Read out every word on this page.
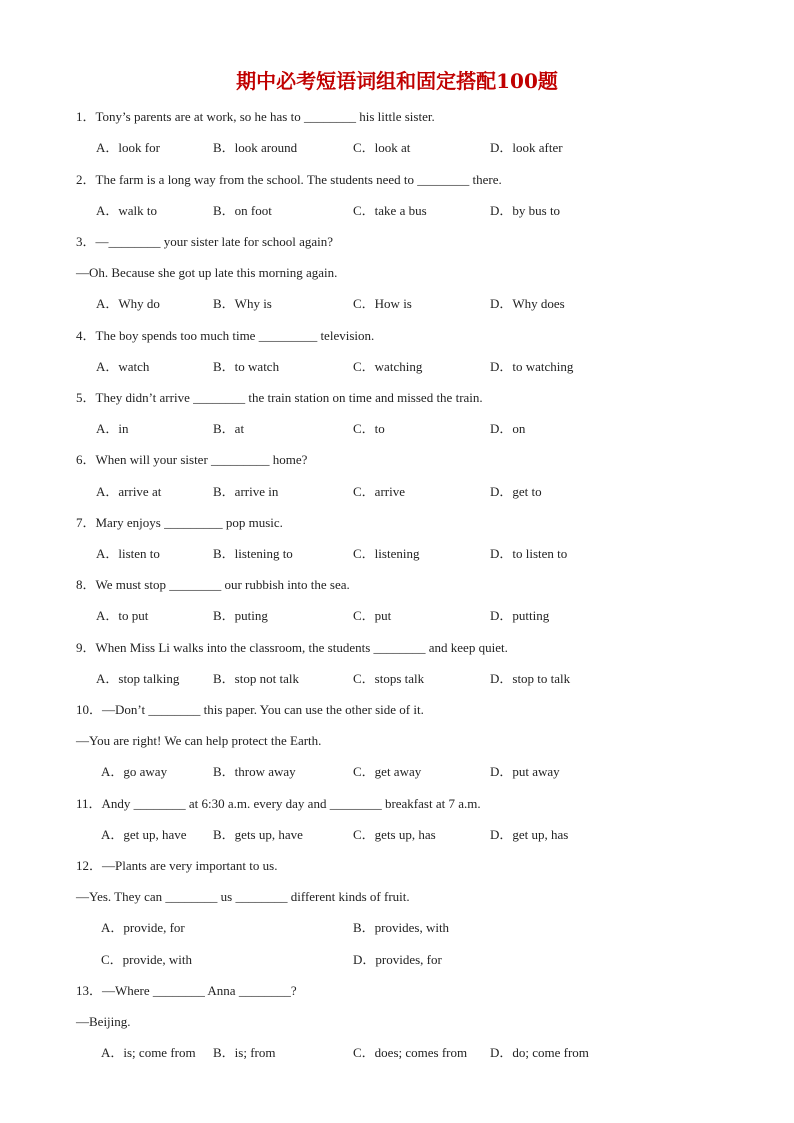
期中必考短语词组和固定搭配100题
1．Tony’s parents are at work, so he has to ________ his little sister.
A．look for	B．look around	C．look at	D．look after
2．The farm is a long way from the school. The students need to ________ there.
A．walk to	B．on foot	C．take a bus	D．by bus to
3．—________ your sister late for school again?
—Oh. Because she got up late this morning again.
A．Why do	B．Why is	C．How is	D．Why does
4．The boy spends too much time _________ television.
A．watch	B．to watch	C．watching	D．to watching
5．They didn’t arrive ________ the train station on time and missed the train.
A．in	B．at	C．to	D．on
6．When will your sister _________ home?
A．arrive at	B．arrive in	C．arrive	D．get to
7．Mary enjoys _________ pop music.
A．listen to	B．listening to	C．listening	D．to listen to
8．We must stop ________ our rubbish into the sea.
A．to put	B．puting	C．put	D．putting
9．When Miss Li walks into the classroom, the students ________ and keep quiet.
A．stop talking	B．stop not talk	C．stops talk	D．stop to talk
10．—Don’t ________ this paper. You can use the other side of it.
—You are right! We can help protect the Earth.
A．go away	B．throw away	C．get away	D．put away
11．Andy ________ at 6:30 a.m. every day and ________ breakfast at 7 a.m.
A．get up, have B．gets up, have	C．gets up, has	D．get up, has
12．—Plants are very important to us.
—Yes. They can ________ us ________ different kinds of fruit.
A．provide, for	B．provides, with
C．provide, with	D．provides, for
13．—Where ________ Anna ________?
—Beijing.
A．is; come from B．is; from	C．does; comes from D．do; come from
